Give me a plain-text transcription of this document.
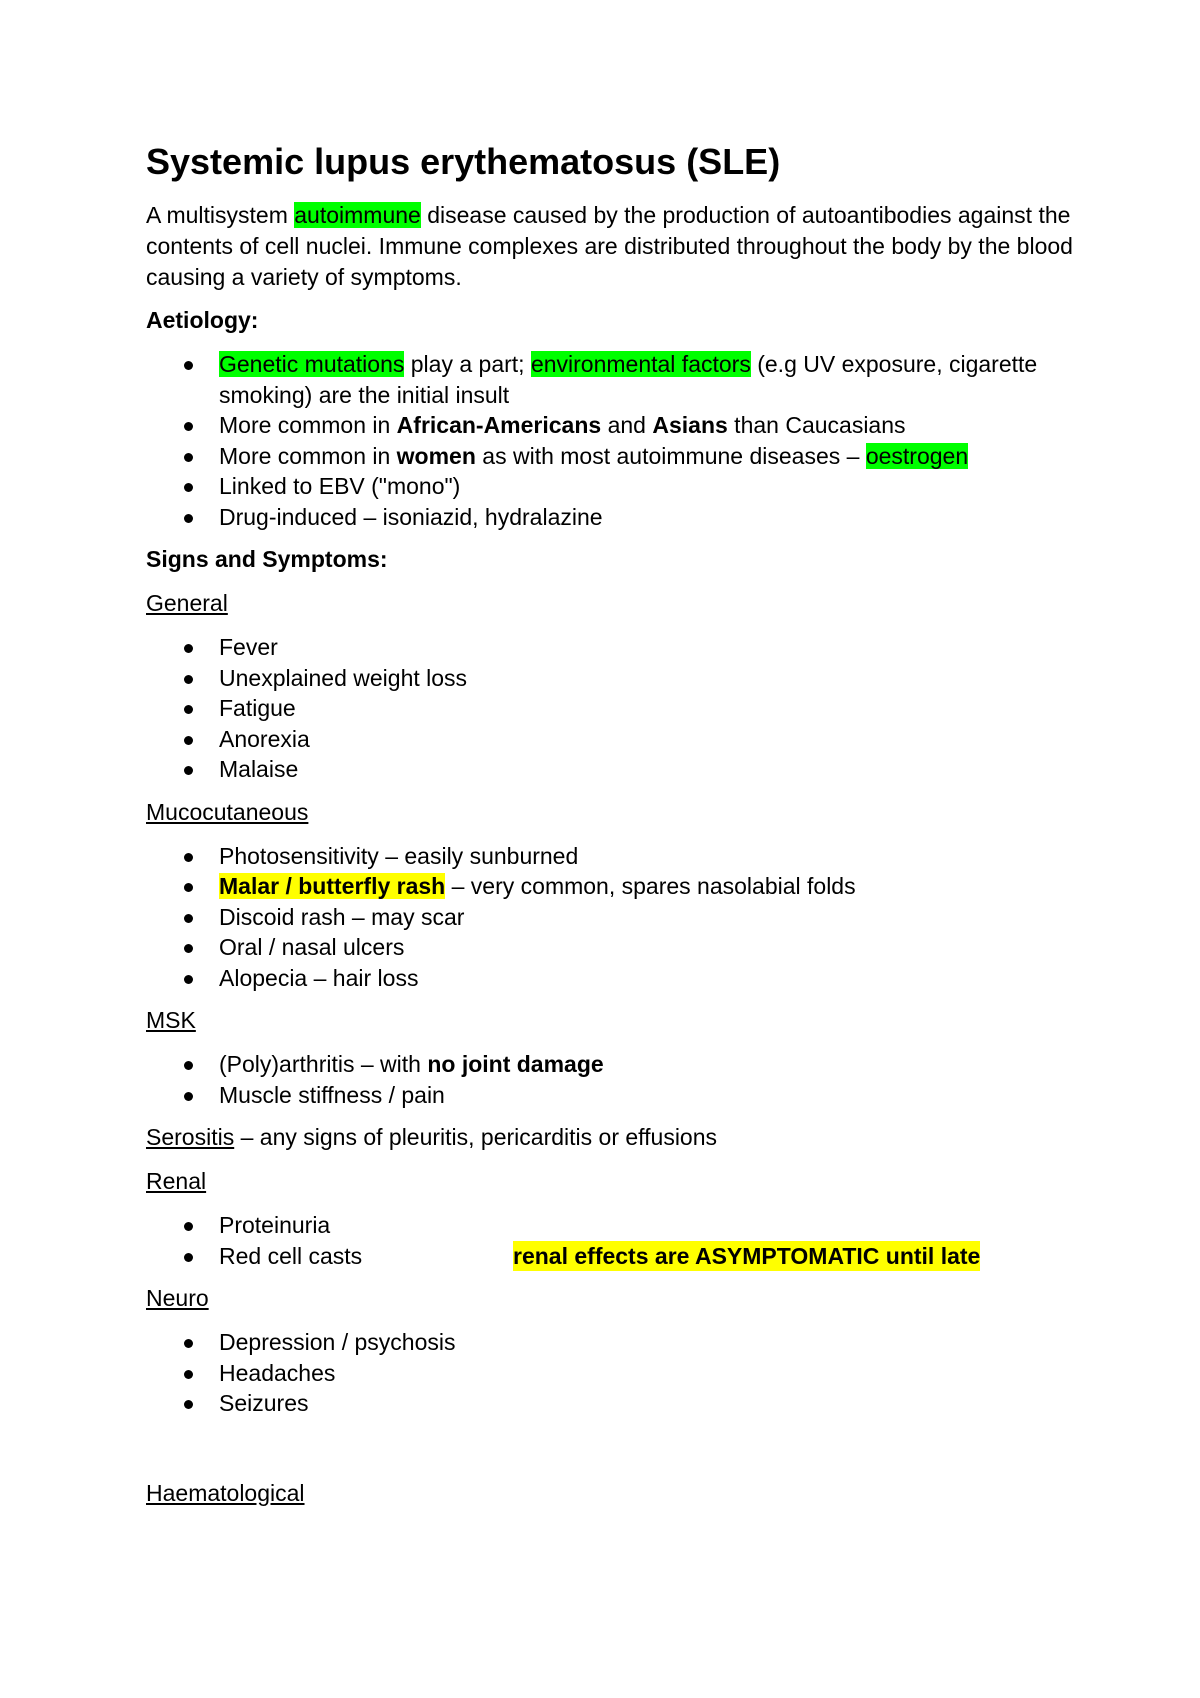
Systemic lupus erythematosus (SLE)

A multisystem autoimmune disease caused by the production of autoantibodies against the contents of cell nuclei. Immune complexes are distributed throughout the body by the blood causing a variety of symptoms.

Aetiology:

Genetic mutations play a part; environmental factors (e.g UV exposure, cigarette smoking) are the initial insult
More common in African-Americans and Asians than Caucasians
More common in women as with most autoimmune diseases – oestrogen
Linked to EBV ("mono")
Drug-induced – isoniazid, hydralazine

Signs and Symptoms:

General

Fever
Unexplained weight loss
Fatigue
Anorexia
Malaise

Mucocutaneous

Photosensitivity – easily sunburned
Malar / butterfly rash – very common, spares nasolabial folds
Discoid rash – may scar
Oral / nasal ulcers
Alopecia – hair loss

MSK

(Poly)arthritis – with no joint damage
Muscle stiffness / pain

Serositis – any signs of pleuritis, pericarditis or effusions

Renal

Proteinuria
Red cell casts	renal effects are ASYMPTOMATIC until late

Neuro

Depression / psychosis
Headaches
Seizures

Haematological
